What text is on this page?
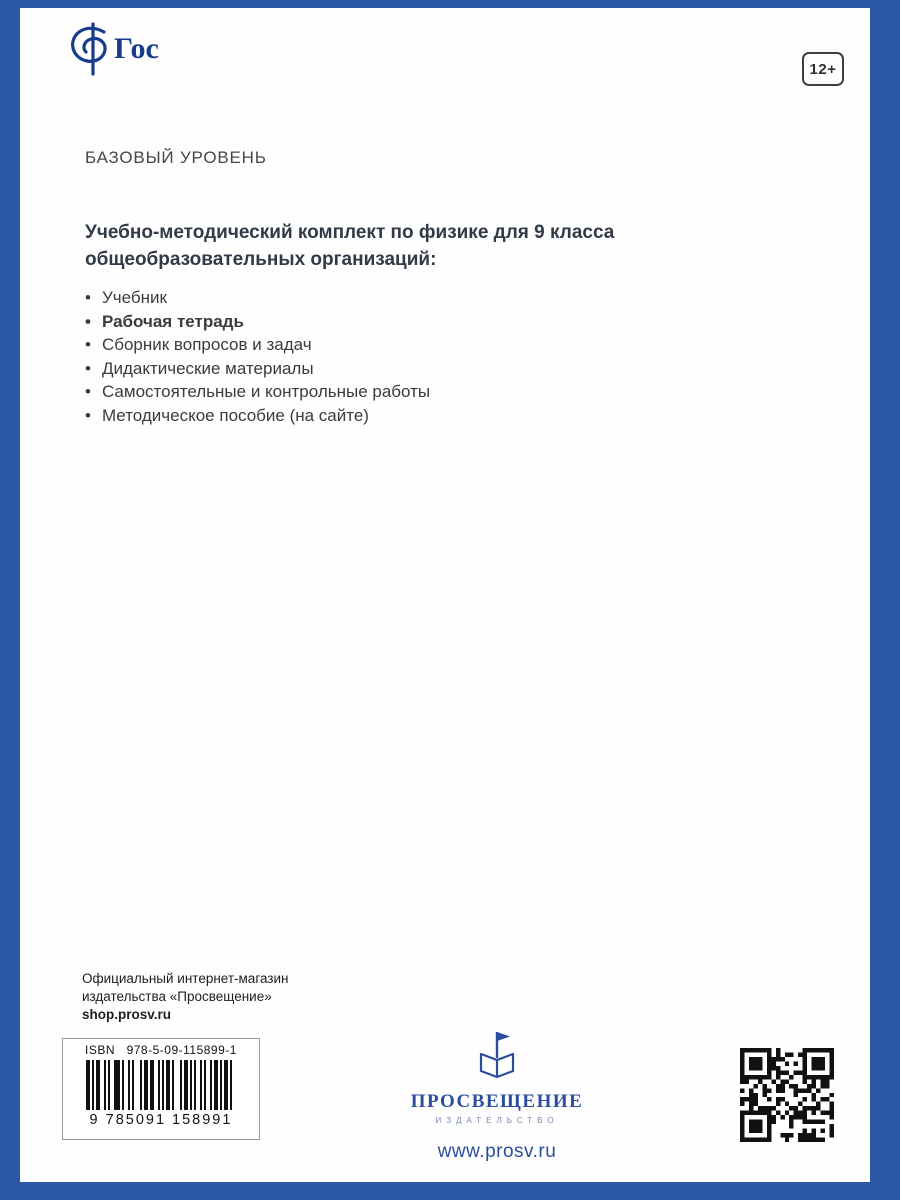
Гос
12+
БАЗОВЫЙ УРОВЕНЬ
Учебно-методический комплект по физике для 9 класса общеобразовательных организаций:
• Учебник
• Рабочая тетрадь
• Сборник вопросов и задач
• Дидактические материалы
• Самостоятельные и контрольные работы
• Методическое пособие (на сайте)
Официальный интернет-магазин
издательства «Просвещение»
shop.prosv.ru
ISBN 978-5-09-115899-1
9 785091 158991
ПРОСВЕЩЕНИЕ
ИЗДАТЕЛЬСТВО
www.prosv.ru
